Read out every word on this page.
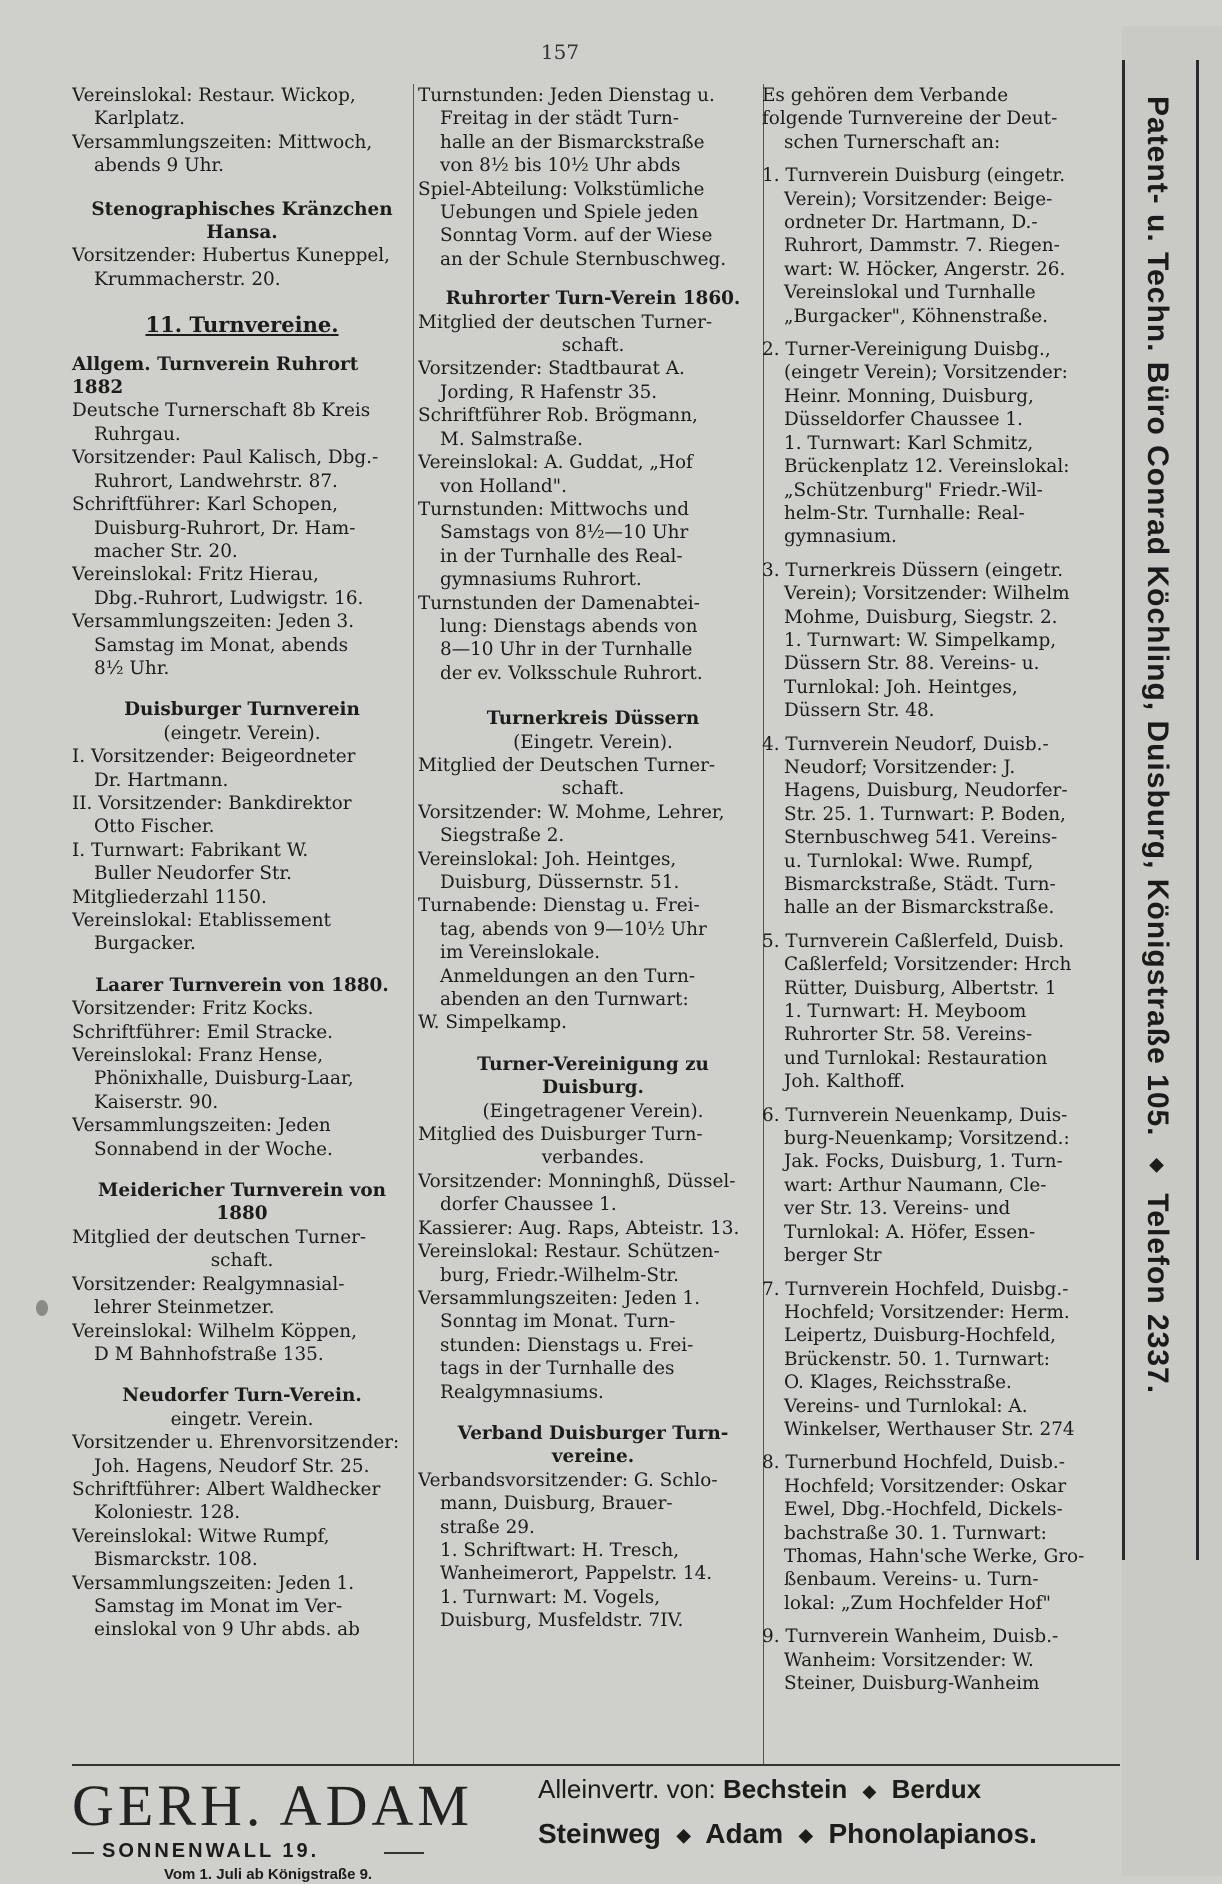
157
Vereinslokal: Restaur. Wickop,
Karlplatz.
Versammlungszeiten: Mittwoch,
abends 9 Uhr.
Stenographisches Kränzchen
Hansa.
Vorsitzender: Hubertus Kuneppel,
Krummacherstr. 20.
11. Turnvereine.
Allgem. Turnverein Ruhrort 1882
Deutsche Turnerschaft 8b Kreis
Ruhrgau.
Vorsitzender: Paul Kalisch, Dbg.-
Ruhrort, Landwehrstr. 87.
Schriftführer: Karl Schopen,
Duisburg-Ruhrort, Dr. Ham-
macher Str. 20.
Vereinslokal: Fritz Hierau,
Dbg.-Ruhrort, Ludwigstr. 16.
Versammlungszeiten: Jeden 3.
Samstag im Monat, abends
8½ Uhr.
Duisburger Turnverein
(eingetr. Verein).
I. Vorsitzender: Beigeordneter
Dr. Hartmann.
II. Vorsitzender: Bankdirektor
Otto Fischer.
I. Turnwart: Fabrikant W.
Buller Neudorfer Str.
Mitgliederzahl 1150.
Vereinslokal: Etablissement
Burgacker.
Laarer Turnverein von 1880.
Vorsitzender: Fritz Kocks.
Schriftführer: Emil Stracke.
Vereinslokal: Franz Hense,
Phönixhalle, Duisburg-Laar,
Kaiserstr. 90.
Versammlungszeiten: Jeden
Sonnabend in der Woche.
Meidericher Turnverein von 1880
Mitglied der deutschen Turner-
schaft.
Vorsitzender: Realgymnasial-
lehrer Steinmetzer.
Vereinslokal: Wilhelm Köppen,
D M Bahnhofstraße 135.
Neudorfer Turn-Verein.
eingetr. Verein.
Vorsitzender u. Ehrenvorsitzender:
Joh. Hagens, Neudorf Str. 25.
Schriftführer: Albert Waldhecker
Koloniestr. 128.
Vereinslokal: Witwe Rumpf,
Bismarckstr. 108.
Versammlungszeiten: Jeden 1.
Samstag im Monat im Ver-
einslokal von 9 Uhr abds. ab
Turnstunden: Jeden Dienstag u.
Freitag in der städt Turn-
halle an der Bismarckstraße
von 8½ bis 10½ Uhr abds
Spiel-Abteilung: Volkstümliche
Uebungen und Spiele jeden
Sonntag Vorm. auf der Wiese
an der Schule Sternbuschweg.
Ruhrorter Turn-Verein 1860.
Mitglied der deutschen Turner-
schaft.
Vorsitzender: Stadtbaurat A.
Jording, R Hafenstr 35.
Schriftführer Rob. Brögmann,
M. Salmstraße.
Vereinslokal: A. Guddat, „Hof
von Holland".
Turnstunden: Mittwochs und
Samstags von 8½—10 Uhr
in der Turnhalle des Real-
gymnasiums Ruhrort.
Turnstunden der Damenabtei-
lung: Dienstags abends von
8—10 Uhr in der Turnhalle
der ev. Volksschule Ruhrort.
Turnerkreis Düssern
(Eingetr. Verein).
Mitglied der Deutschen Turner-
schaft.
Vorsitzender: W. Mohme, Lehrer,
Siegstraße 2.
Vereinslokal: Joh. Heintges,
Duisburg, Düssernstr. 51.
Turnabende: Dienstag u. Frei-
tag, abends von 9—10½ Uhr
im Vereinslokale.
Anmeldungen an den Turn-
abenden an den Turnwart:
W. Simpelkamp.
Turner-Vereinigung zu
Duisburg.
(Eingetragener Verein).
Mitglied des Duisburger Turn-
verbandes.
Vorsitzender: Monninghß, Düssel-
dorfer Chaussee 1.
Kassierer: Aug. Raps, Abteistr. 13.
Vereinslokal: Restaur. Schützen-
burg, Friedr.-Wilhelm-Str.
Versammlungszeiten: Jeden 1.
Sonntag im Monat. Turn-
stunden: Dienstags u. Frei-
tags in der Turnhalle des
Realgymnasiums.
Verband Duisburger Turn-
vereine.
Verbandsvorsitzender: G. Schlo-
mann, Duisburg, Brauer-
straße 29.
1. Schriftwart: H. Tresch,
Wanheimerort, Pappelstr. 14.
1. Turnwart: M. Vogels,
Duisburg, Musfeldstr. 7IV.
Es gehören dem Verbande
folgende Turnvereine der Deut-
schen Turnerschaft an:
1. Turnverein Duisburg (eingetr.
Verein); Vorsitzender: Beige-
ordneter Dr. Hartmann, D.-
Ruhrort, Dammstr. 7. Riegen-
wart: W. Höcker, Angerstr. 26.
Vereinslokal und Turnhalle
„Burgacker", Köhnenstraße.
2. Turner-Vereinigung Duisbg.,
(eingetr Verein); Vorsitzender:
Heinr. Monning, Duisburg,
Düsseldorfer Chaussee 1.
1. Turnwart: Karl Schmitz,
Brückenplatz 12. Vereinslokal:
„Schützenburg" Friedr.-Wil-
helm-Str. Turnhalle: Real-
gymnasium.
3. Turnerkreis Düssern (eingetr.
Verein); Vorsitzender: Wilhelm
Mohme, Duisburg, Siegstr. 2.
1. Turnwart: W. Simpelkamp,
Düssern Str. 88. Vereins- u.
Turnlokal: Joh. Heintges,
Düssern Str. 48.
4. Turnverein Neudorf, Duisb.-
Neudorf; Vorsitzender: J.
Hagens, Duisburg, Neudorfer-
Str. 25. 1. Turnwart: P. Boden,
Sternbuschweg 541. Vereins-
u. Turnlokal: Wwe. Rumpf,
Bismarckstraße, Städt. Turn-
halle an der Bismarckstraße.
5. Turnverein Caßlerfeld, Duisb.
Caßlerfeld; Vorsitzender: Hrch
Rütter, Duisburg, Albertstr. 1
1. Turnwart: H. Meyboom
Ruhrorter Str. 58. Vereins-
und Turnlokal: Restauration
Joh. Kalthoff.
6. Turnverein Neuenkamp, Duis-
burg-Neuenkamp; Vorsitzend.:
Jak. Focks, Duisburg, 1. Turn-
wart: Arthur Naumann, Cle-
ver Str. 13. Vereins- und
Turnlokal: A. Höfer, Essen-
berger Str
7. Turnverein Hochfeld, Duisbg.-
Hochfeld; Vorsitzender: Herm.
Leipertz, Duisburg-Hochfeld,
Brückenstr. 50. 1. Turnwart:
O. Klages, Reichsstraße.
Vereins- und Turnlokal: A.
Winkelser, Werthauser Str. 274
8. Turnerbund Hochfeld, Duisb.-
Hochfeld; Vorsitzender: Oskar
Ewel, Dbg.-Hochfeld, Dickels-
bachstraße 30. 1. Turnwart:
Thomas, Hahn'sche Werke, Gro-
ßenbaum. Vereins- u. Turn-
lokal: „Zum Hochfelder Hof"
9. Turnverein Wanheim, Duisb.-
Wanheim: Vorsitzender: W.
Steiner, Duisburg-Wanheim
GERH. ADAM
SONNENWALL 19.
Vom 1. Juli ab Königstraße 9.
Alleinvertr. von: Bechstein ◆ Berdux
Steinweg ◆ Adam ◆ Phonolapianos.
Patent- u. Techn. Büro Conrad Köchling, Duisburg, Königstraße 105. ◆ Telefon 2337.
